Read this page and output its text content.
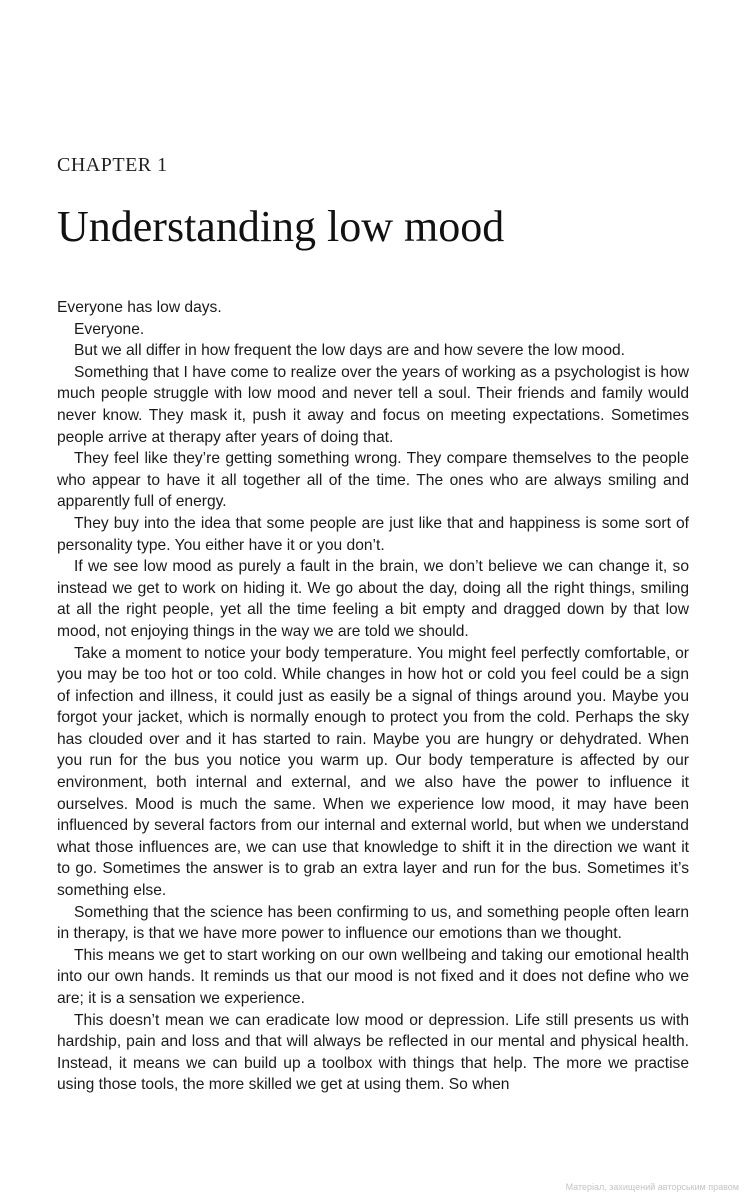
CHAPTER 1
Understanding low mood

Everyone has low days.

Everyone.

But we all differ in how frequent the low days are and how severe the low mood.

Something that I have come to realize over the years of working as a psychologist is how much people struggle with low mood and never tell a soul. Their friends and family would never know. They mask it, push it away and focus on meeting expectations. Sometimes people arrive at therapy after years of doing that.

They feel like they’re getting something wrong. They compare themselves to the people who appear to have it all together all of the time. The ones who are always smiling and apparently full of energy.

They buy into the idea that some people are just like that and happiness is some sort of personality type. You either have it or you don’t.

If we see low mood as purely a fault in the brain, we don’t believe we can change it, so instead we get to work on hiding it. We go about the day, doing all the right things, smiling at all the right people, yet all the time feeling a bit empty and dragged down by that low mood, not enjoying things in the way we are told we should.

Take a moment to notice your body temperature. You might feel perfectly comfortable, or you may be too hot or too cold. While changes in how hot or cold you feel could be a sign of infection and illness, it could just as easily be a signal of things around you. Maybe you forgot your jacket, which is normally enough to protect you from the cold. Perhaps the sky has clouded over and it has started to rain. Maybe you are hungry or dehydrated. When you run for the bus you notice you warm up. Our body temperature is affected by our environment, both internal and external, and we also have the power to influence it ourselves. Mood is much the same. When we experience low mood, it may have been influenced by several factors from our internal and external world, but when we understand what those influences are, we can use that knowledge to shift it in the direction we want it to go. Sometimes the answer is to grab an extra layer and run for the bus. Sometimes it’s something else.

Something that the science has been confirming to us, and something people often learn in therapy, is that we have more power to influence our emotions than we thought.

This means we get to start working on our own wellbeing and taking our emotional health into our own hands. It reminds us that our mood is not fixed and it does not define who we are; it is a sensation we experience.

This doesn’t mean we can eradicate low mood or depression. Life still presents us with hardship, pain and loss and that will always be reflected in our mental and physical health. Instead, it means we can build up a toolbox with things that help. The more we practise using those tools, the more skilled we get at using them. So when

Матеріал, захищений авторським правом
